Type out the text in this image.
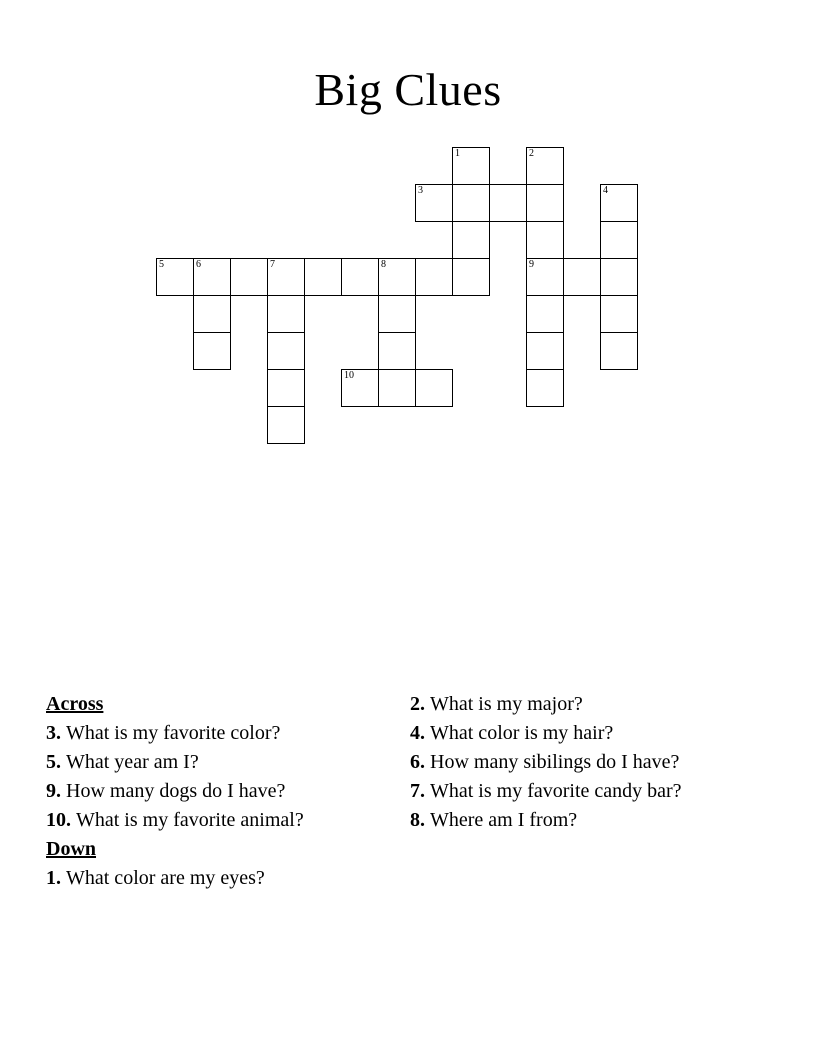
Big Clues
1	2
3	4
5	6	7	8	9
10
Across
3. What is my favorite color?
5. What year am I?
9. How many dogs do I have?
10. What is my favorite animal?
Down
1. What color are my eyes?
2. What is my major?
4. What color is my hair?
6. How many sibilings do I have?
7. What is my favorite candy bar?
8. Where am I from?
